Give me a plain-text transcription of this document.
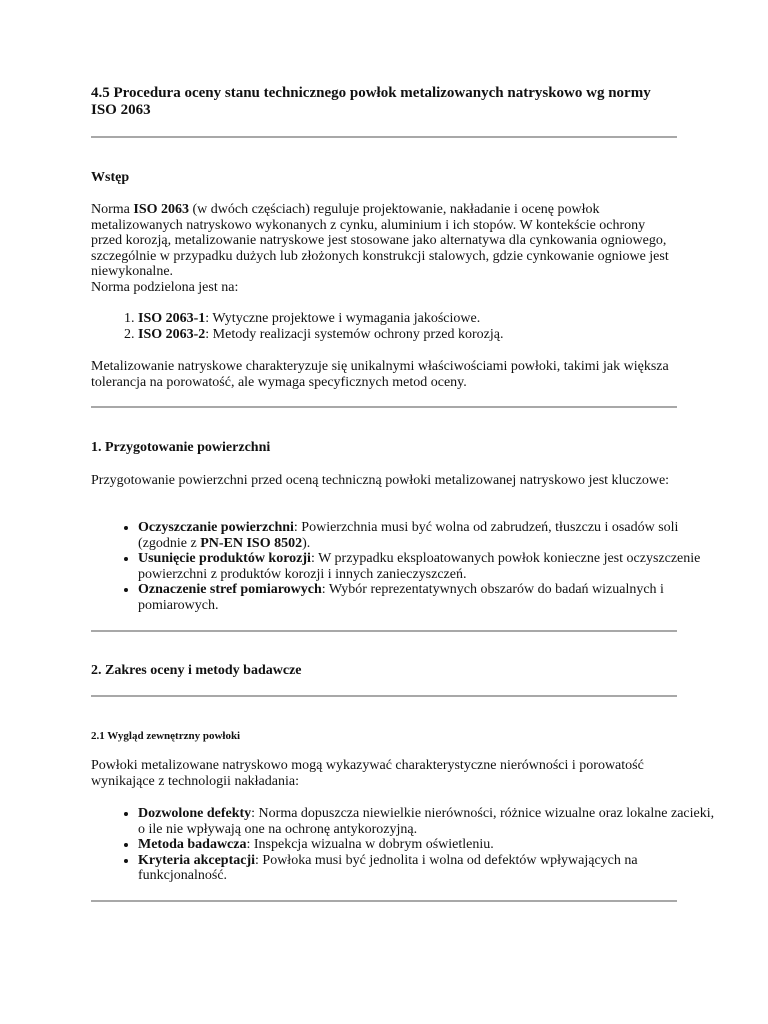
4.5 Procedura oceny stanu technicznego powłok metalizowanych natryskowo wg normy ISO 2063
Wstęp
Norma ISO 2063 (w dwóch częściach) reguluje projektowanie, nakładanie i ocenę powłok metalizowanych natryskowo wykonanych z cynku, aluminium i ich stopów. W kontekście ochrony przed korozją, metalizowanie natryskowe jest stosowane jako alternatywa dla cynkowania ogniowego, szczególnie w przypadku dużych lub złożonych konstrukcji stalowych, gdzie cynkowanie ogniowe jest niewykonalne.
Norma podzielona jest na:
1. ISO 2063-1: Wytyczne projektowe i wymagania jakościowe.
2. ISO 2063-2: Metody realizacji systemów ochrony przed korozją.
Metalizowanie natryskowe charakteryzuje się unikalnymi właściwościami powłoki, takimi jak większa tolerancja na porowatość, ale wymaga specyficznych metod oceny.
1. Przygotowanie powierzchni
Przygotowanie powierzchni przed oceną techniczną powłoki metalizowanej natryskowo jest kluczowe:
• Oczyszczanie powierzchni: Powierzchnia musi być wolna od zabrudzeń, tłuszczu i osadów soli (zgodnie z PN-EN ISO 8502).
• Usunięcie produktów korozji: W przypadku eksploatowanych powłok konieczne jest oczyszczenie powierzchni z produktów korozji i innych zanieczyszczeń.
• Oznaczenie stref pomiarowych: Wybór reprezentatywnych obszarów do badań wizualnych i pomiarowych.
2. Zakres oceny i metody badawcze
2.1 Wygląd zewnętrzny powłoki
Powłoki metalizowane natryskowo mogą wykazywać charakterystyczne nierówności i porowatość wynikające z technologii nakładania:
• Dozwolone defekty: Norma dopuszcza niewielkie nierówności, różnice wizualne oraz lokalne zacieki, o ile nie wpływają one na ochronę antykorozyjną.
• Metoda badawcza: Inspekcja wizualna w dobrym oświetleniu.
• Kryteria akceptacji: Powłoka musi być jednolita i wolna od defektów wpływających na funkcjonalność.
